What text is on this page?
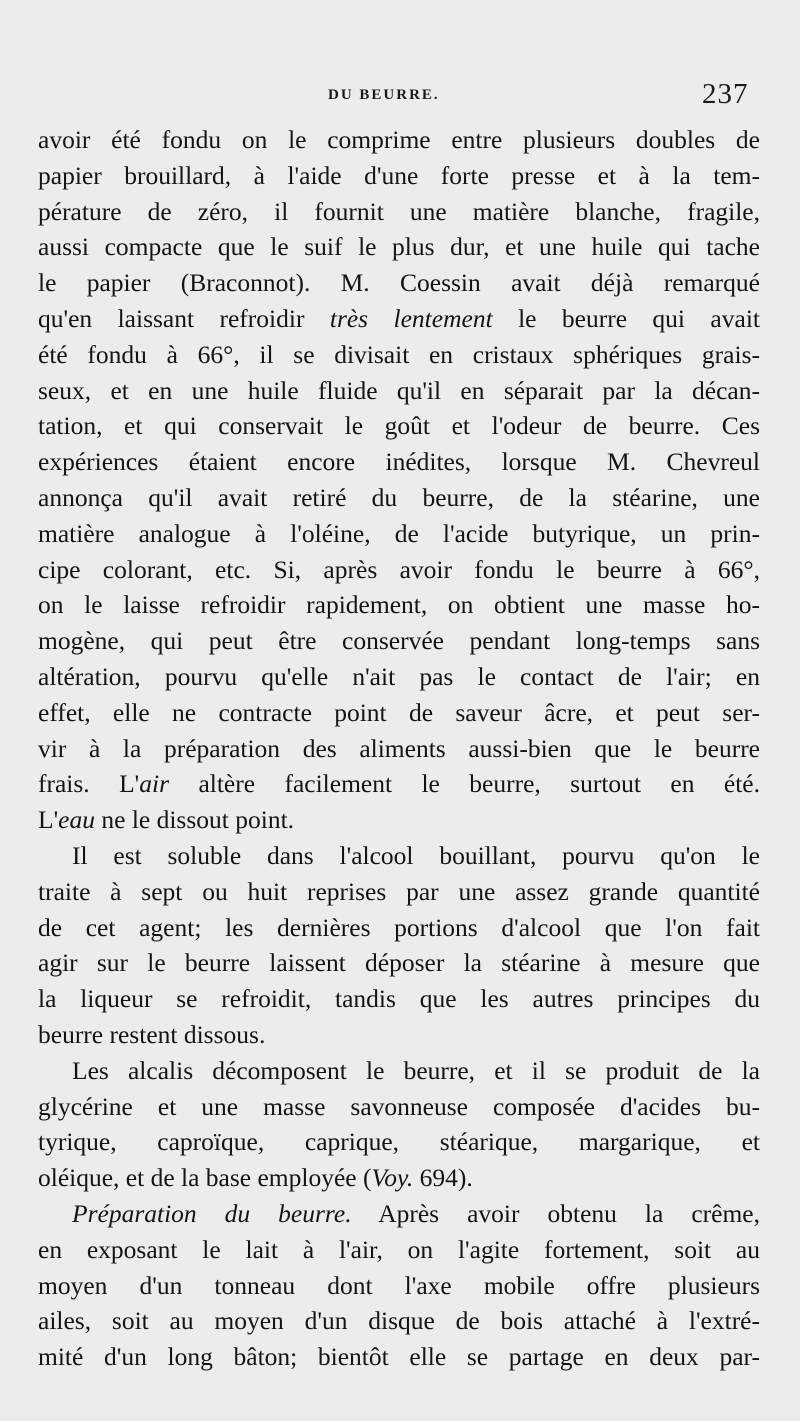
DU BEURRE.	237
avoir été fondu on le comprime entre plusieurs doubles de
papier brouillard, à l'aide d'une forte presse et à la tem-
pérature de zéro, il fournit une matière blanche, fragile,
aussi compacte que le suif le plus dur, et une huile qui tache
le papier (Braconnot). M. Coessin avait déjà remarqué
qu'en laissant refroidir très lentement le beurre qui avait
été fondu à 66°, il se divisait en cristaux sphériques grais-
seux, et en une huile fluide qu'il en séparait par la décan-
tation, et qui conservait le goût et l'odeur de beurre. Ces
expériences étaient encore inédites, lorsque M. Chevreul
annonça qu'il avait retiré du beurre, de la stéarine, une
matière analogue à l'oléine, de l'acide butyrique, un prin-
cipe colorant, etc. Si, après avoir fondu le beurre à 66°,
on le laisse refroidir rapidement, on obtient une masse ho-
mogène, qui peut être conservée pendant long-temps sans
altération, pourvu qu'elle n'ait pas le contact de l'air; en
effet, elle ne contracte point de saveur âcre, et peut ser-
vir à la préparation des aliments aussi-bien que le beurre
frais. L'air altère facilement le beurre, surtout en été.
L'eau ne le dissout point.
Il est soluble dans l'alcool bouillant, pourvu qu'on le
traite à sept ou huit reprises par une assez grande quantité
de cet agent; les dernières portions d'alcool que l'on fait
agir sur le beurre laissent déposer la stéarine à mesure que
la liqueur se refroidit, tandis que les autres principes du
beurre restent dissous.
Les alcalis décomposent le beurre, et il se produit de la
glycérine et une masse savonneuse composée d'acides bu-
tyrique, caproïque, caprique, stéarique, margarique, et
oléique, et de la base employée (Voy. 694).
Préparation du beurre. Après avoir obtenu la crême,
en exposant le lait à l'air, on l'agite fortement, soit au
moyen d'un tonneau dont l'axe mobile offre plusieurs
ailes, soit au moyen d'un disque de bois attaché à l'extré-
mité d'un long bâton; bientôt elle se partage en deux par-
